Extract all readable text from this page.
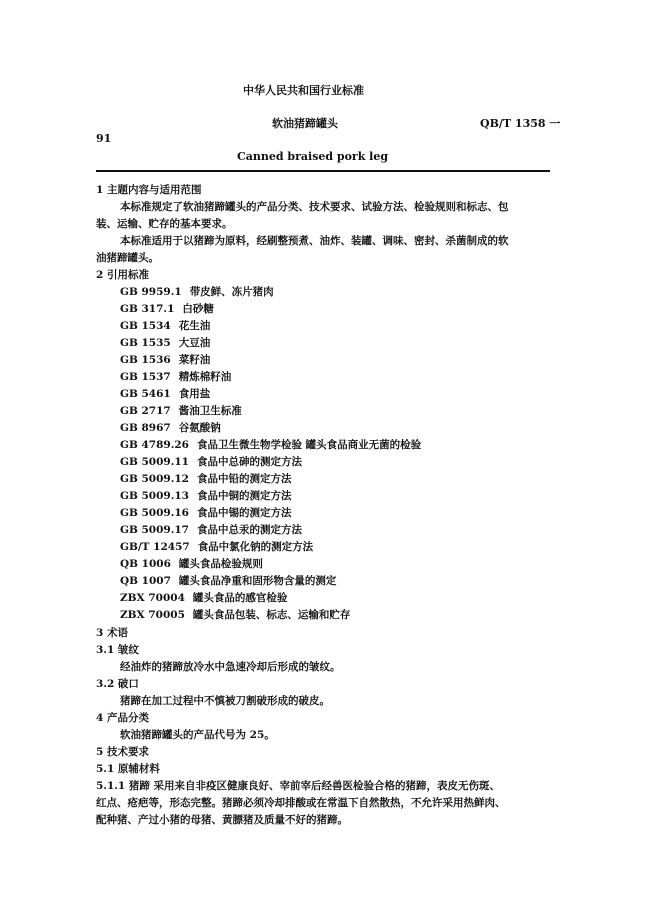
中华人民共和国行业标准
软油猪蹄罐头	QB/T 1358 一
91
Canned braised pork leg
1 主题内容与适用范围
本标准规定了软油猪蹄罐头的产品分类、技术要求、试验方法、检验规则和标志、包
装、运输、贮存的基本要求。
本标准适用于以猪蹄为原料，经刷整预煮、油炸、装罐、调味、密封、杀菌制成的软
油猪蹄罐头。
2 引用标准
GB 9959.1 带皮鲜、冻片猪肉
GB 317.1 白砂糖
GB 1534 花生油
GB 1535 大豆油
GB 1536 菜籽油
GB 1537 精炼棉籽油
GB 5461 食用盐
GB 2717 酱油卫生标准
GB 8967 谷氨酸钠
GB 4789.26 食品卫生微生物学检验 罐头食品商业无菌的检验
GB 5009.11 食品中总砷的测定方法
GB 5009.12 食品中铅的测定方法
GB 5009.13 食品中铜的测定方法
GB 5009.16 食品中锡的测定方法
GB 5009.17 食品中总汞的测定方法
GB/T 12457 食品中氯化钠的测定方法
QB 1006 罐头食品检验规则
QB 1007 罐头食品净重和固形物含量的测定
ZBX 70004 罐头食品的感官检验
ZBX 70005 罐头食品包装、标志、运输和贮存
3 术语
3.1 皱纹
经油炸的猪蹄放冷水中急速冷却后形成的皱纹。
3.2 破口
猪蹄在加工过程中不慎被刀割破形成的破皮。
4 产品分类
软油猪蹄罐头的产品代号为 25。
5 技术要求
5.1 原辅材料
5.1.1 猪蹄 采用来自非疫区健康良好、宰前宰后经兽医检验合格的猪蹄，表皮无伤斑、
红点、疮疤等，形态完整。猪蹄必须冷却排酸或在常温下自然散热，不允许采用热鲜肉、
配种猪、产过小猪的母猪、黄膘猪及质量不好的猪蹄。
